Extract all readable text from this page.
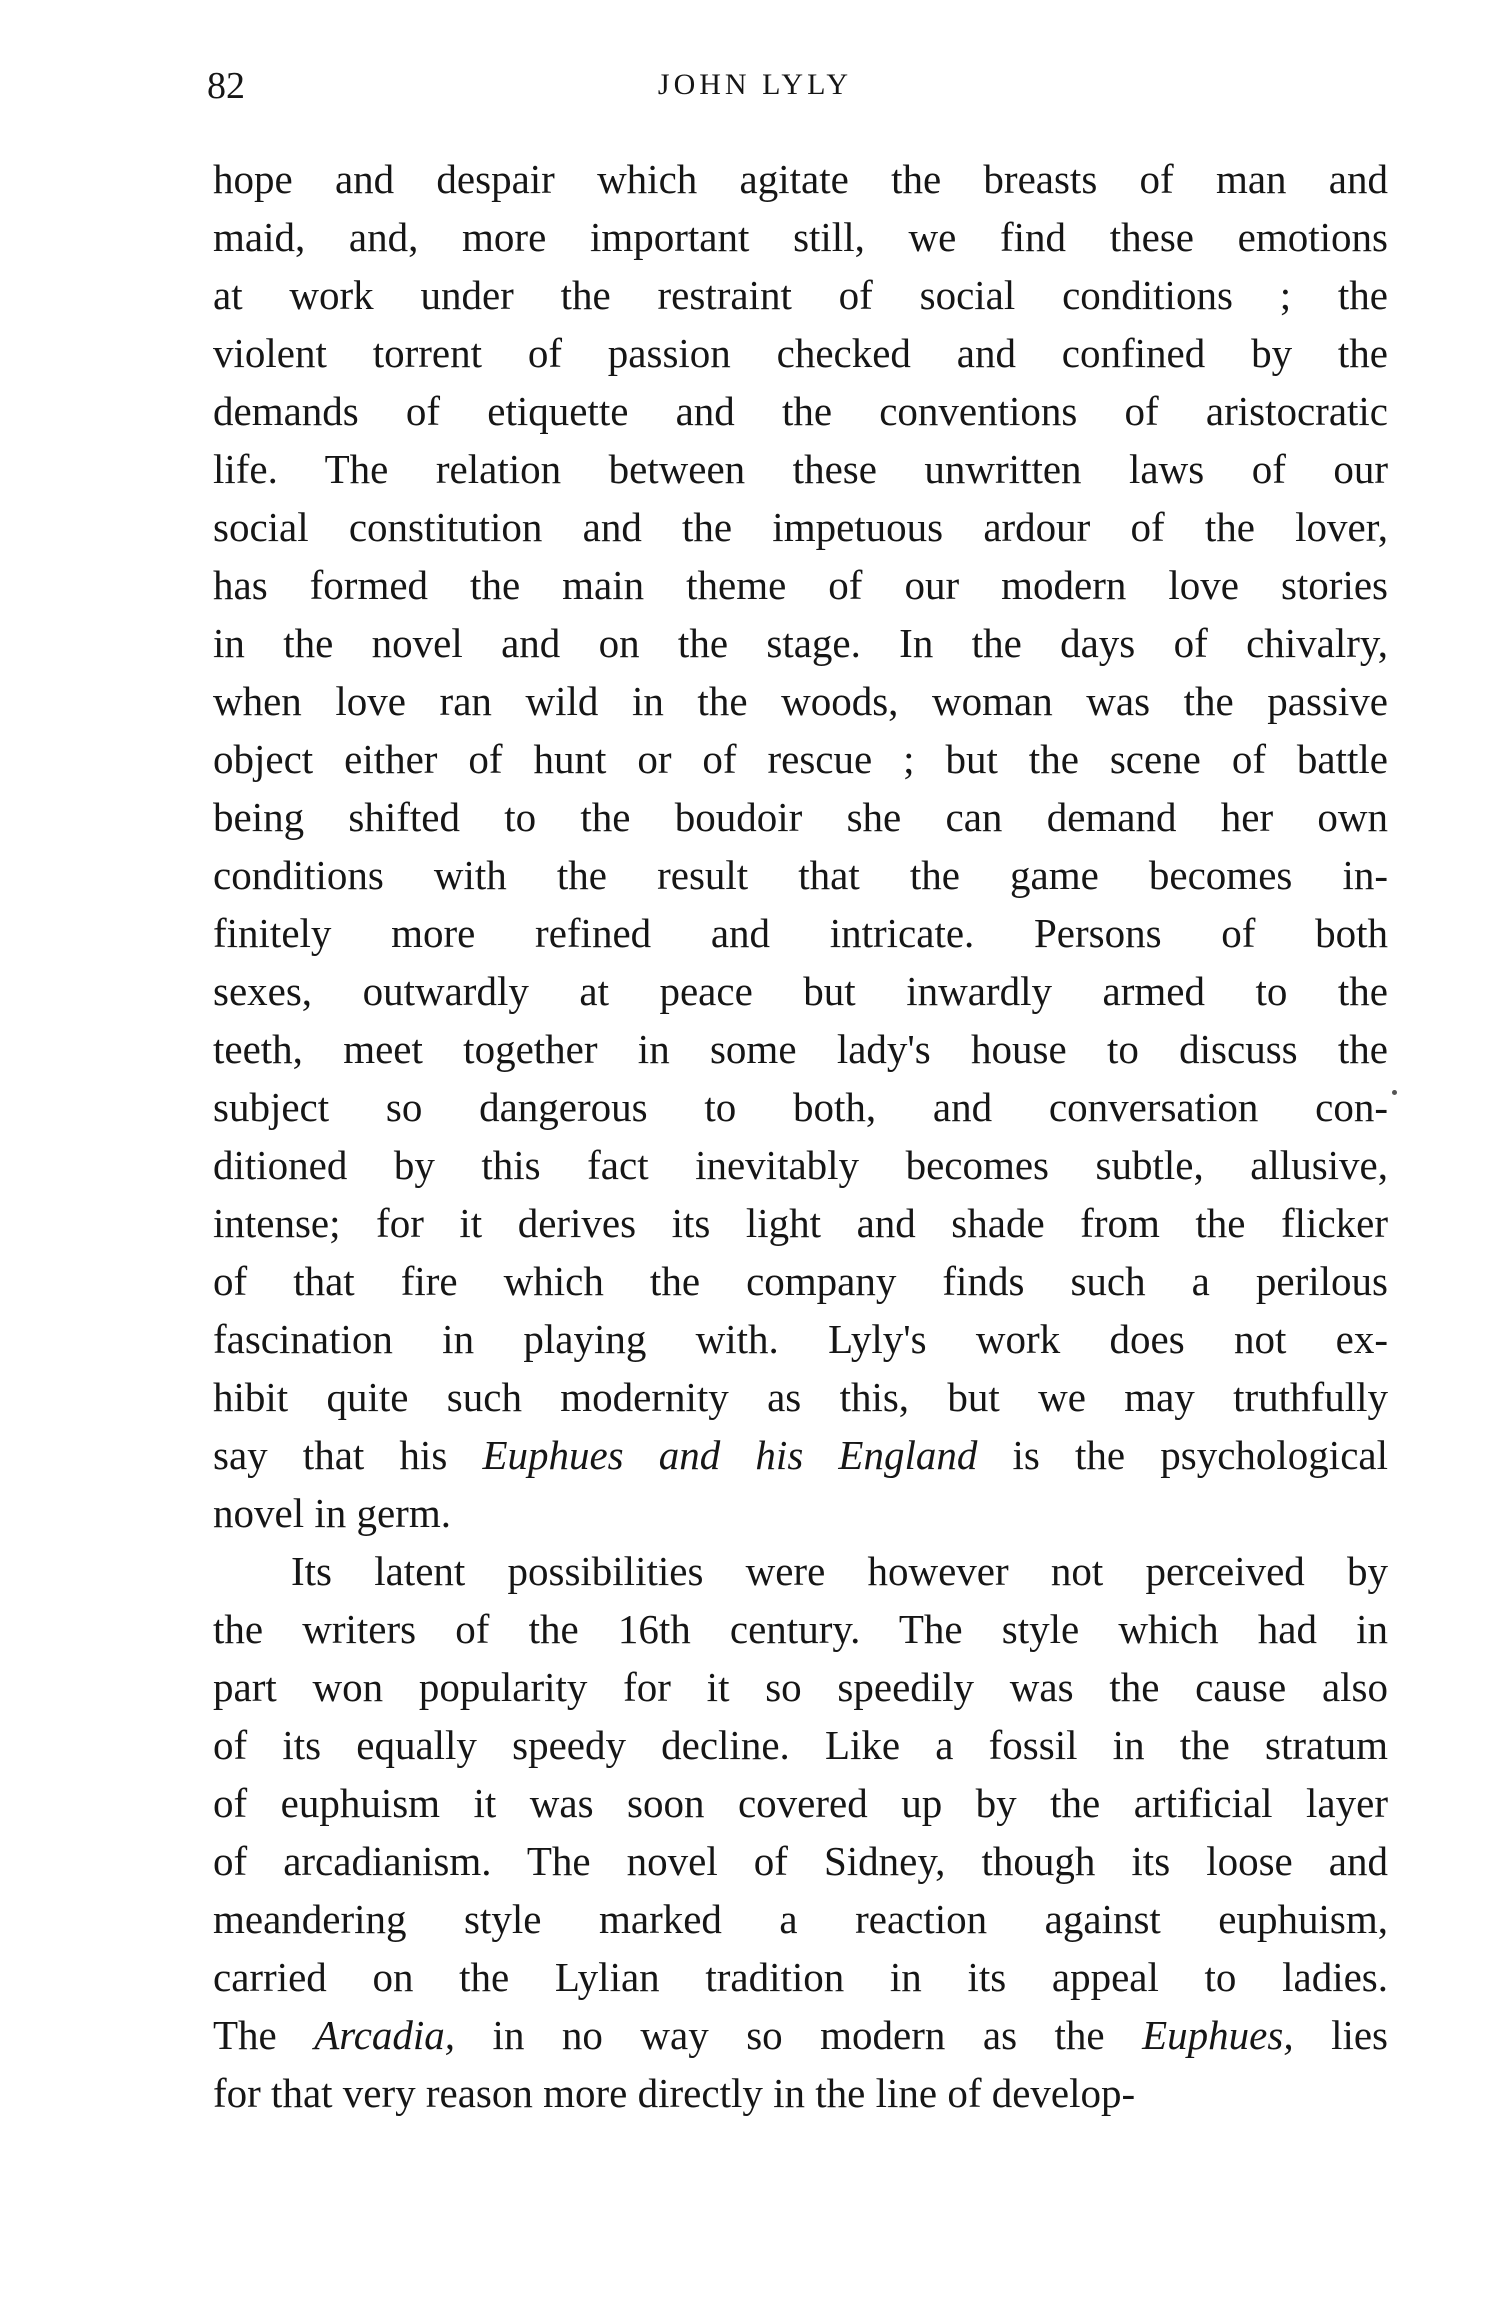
82	JOHN LYLY
hope and despair which agitate the breasts of man and
maid, and, more important still, we find these emotions
at work under the restraint of social conditions ; the
violent torrent of passion checked and confined by the
demands of etiquette and the conventions of aristocratic
life. The relation between these unwritten laws of our
social constitution and the impetuous ardour of the lover,
has formed the main theme of our modern love stories
in the novel and on the stage. In the days of chivalry,
when love ran wild in the woods, woman was the passive
object either of hunt or of rescue ; but the scene of battle
being shifted to the boudoir she can demand her own
conditions with the result that the game becomes in-
finitely more refined and intricate. Persons of both
sexes, outwardly at peace but inwardly armed to the
teeth, meet together in some lady's house to discuss the
subject so dangerous to both, and conversation con-
ditioned by this fact inevitably becomes subtle, allusive,
intense; for it derives its light and shade from the flicker
of that fire which the company finds such a perilous
fascination in playing with. Lyly's work does not ex-
hibit quite such modernity as this, but we may truthfully
say that his Euphues and his England is the psychological
novel in germ.
Its latent possibilities were however not perceived by
the writers of the 16th century. The style which had in
part won popularity for it so speedily was the cause also
of its equally speedy decline. Like a fossil in the stratum
of euphuism it was soon covered up by the artificial layer
of arcadianism. The novel of Sidney, though its loose and
meandering style marked a reaction against euphuism,
carried on the Lylian tradition in its appeal to ladies.
The Arcadia, in no way so modern as the Euphues, lies
for that very reason more directly in the line of develop-
